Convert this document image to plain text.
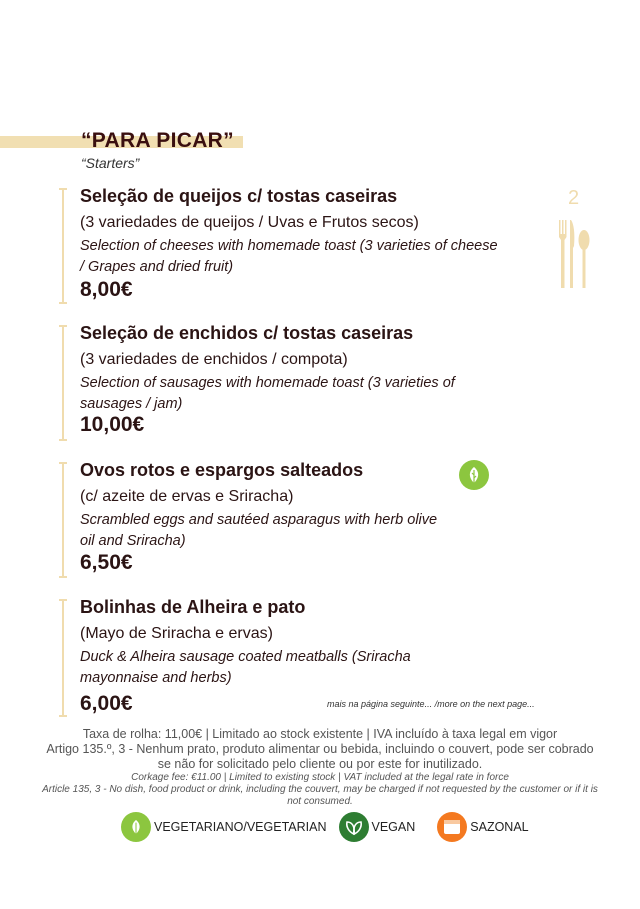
“PARA PICAR”
“Starters”
2
Seleção de queijos c/ tostas caseiras
(3 variedades de queijos / Uvas e Frutos secos)
Selection of cheeses with homemade toast (3 varieties of cheese / Grapes and dried fruit)
8,00€
Seleção de enchidos c/ tostas caseiras
(3 variedades de enchidos / compota)
Selection of sausages with homemade toast (3 varieties of sausages / jam)
10,00€
Ovos rotos e espargos salteados
(c/ azeite de ervas e Sriracha)
Scrambled eggs and sautéed asparagus with herb olive oil and Sriracha)
6,50€
Bolinhas de Alheira e pato
(Mayo de Sriracha e ervas)
Duck & Alheira sausage coated meatballs (Sriracha mayonnaise and herbs)
6,00€	mais na página seguinte... /more on the next page...
Taxa de rolha: 11,00€ | Limitado ao stock existente | IVA incluído à taxa legal em vigor
Artigo 135.º, 3 - Nenhum prato, produto alimentar ou bebida, incluindo o couvert, pode ser cobrado se não for solicitado pelo cliente ou por este for inutilizado.
Corkage fee: €11.00 | Limited to existing stock | VAT included at the legal rate in force
Article 135, 3 - No dish, food product or drink, including the couvert, may be charged if not requested by the customer or if it is not consumed.
VEGETARIANO/VEGETARIAN	VEGAN	SAZONAL
